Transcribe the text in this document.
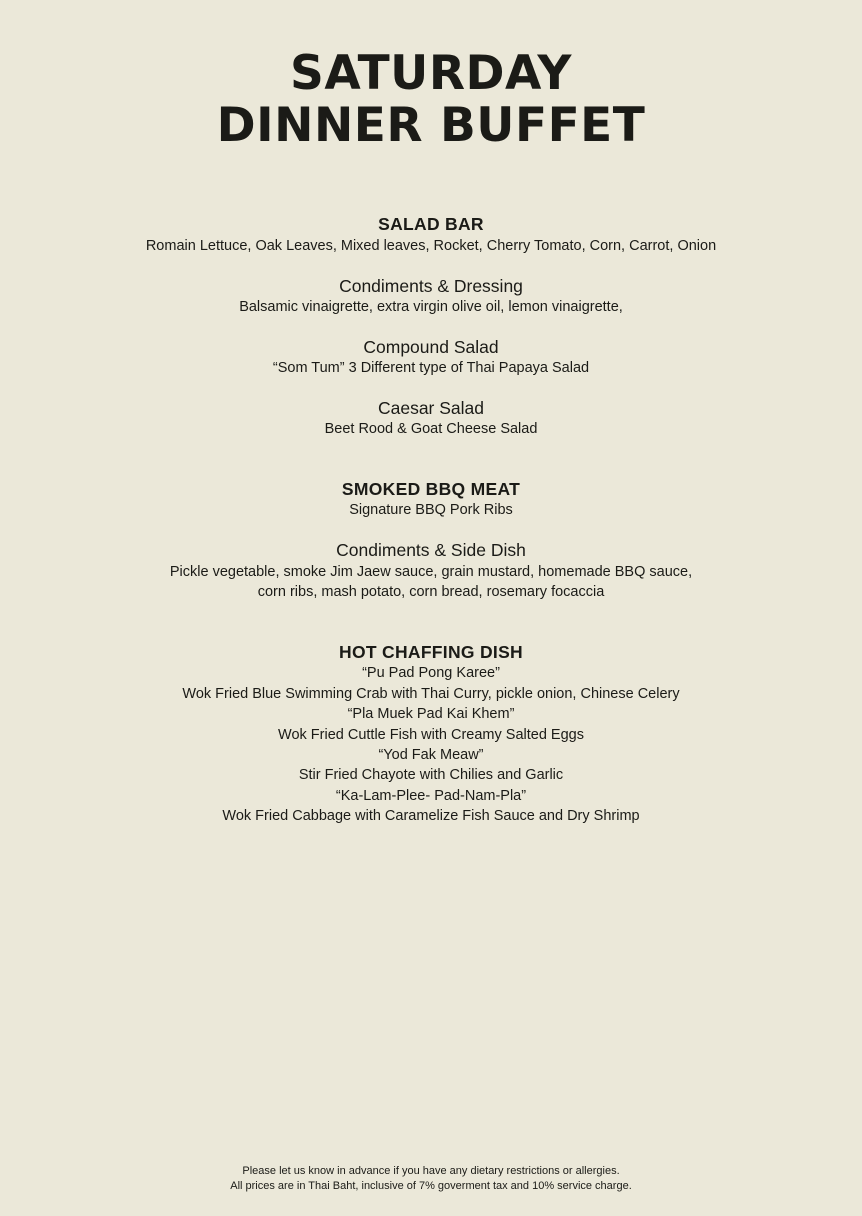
SATURDAY
DINNER BUFFET

SALAD BAR

Romain Lettuce, Oak Leaves, Mixed leaves, Rocket, Cherry Tomato, Corn, Carrot, Onion

Condiments & Dressing

Balsamic vinaigrette, extra virgin olive oil, lemon vinaigrette,

Compound Salad

“Som Tum” 3 Different type of Thai Papaya Salad

Caesar Salad

Beet Rood & Goat Cheese Salad

SMOKED BBQ MEAT

Signature BBQ Pork Ribs

Condiments & Side Dish

Pickle vegetable, smoke Jim Jaew sauce, grain mustard, homemade BBQ sauce,

corn ribs, mash potato, corn bread, rosemary focaccia

HOT CHAFFING DISH

“Pu Pad Pong Karee”

Wok Fried Blue Swimming Crab with Thai Curry, pickle onion, Chinese Celery

“Pla Muek Pad Kai Khem”

Wok Fried Cuttle Fish with Creamy Salted Eggs

“Yod Fak Meaw”

Stir Fried Chayote with Chilies and Garlic

“Ka-Lam-Plee- Pad-Nam-Pla”

Wok Fried Cabbage with Caramelize Fish Sauce and Dry Shrimp

Please let us know in advance if you have any dietary restrictions or allergies.

All prices are in Thai Baht, inclusive of 7% goverment tax and 10% service charge.
